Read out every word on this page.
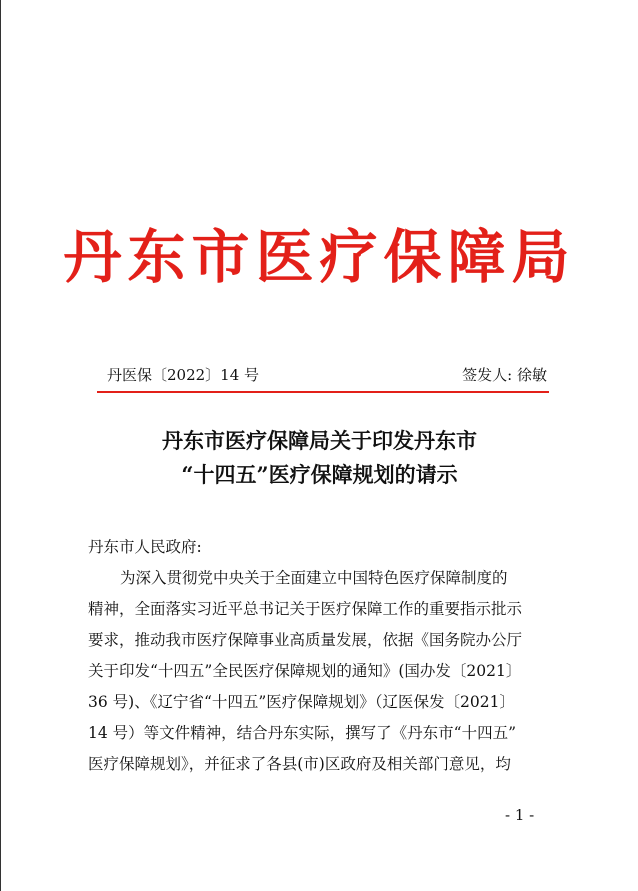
丹东市医疗保障局
丹医保〔2022〕14 号	签发人: 徐敏
丹东市医疗保障局关于印发丹东市
“十四五”医疗保障规划的请示

丹东市人民政府:

为深入贯彻党中央关于全面建立中国特色医疗保障制度的

精神，全面落实习近平总书记关于医疗保障工作的重要指示批示

要求，推动我市医疗保障事业高质量发展，依据《国务院办公厅

关于印发“十四五”全民医疗保障规划的通知》(国办发〔2021〕

36 号)、《辽宁省“十四五”医疗保障规划》（辽医保发〔2021〕

14 号）等文件精神，结合丹东实际，撰写了《丹东市“十四五”

医疗保障规划》，并征求了各县(市)区政府及相关部门意见，均

- 1 -
